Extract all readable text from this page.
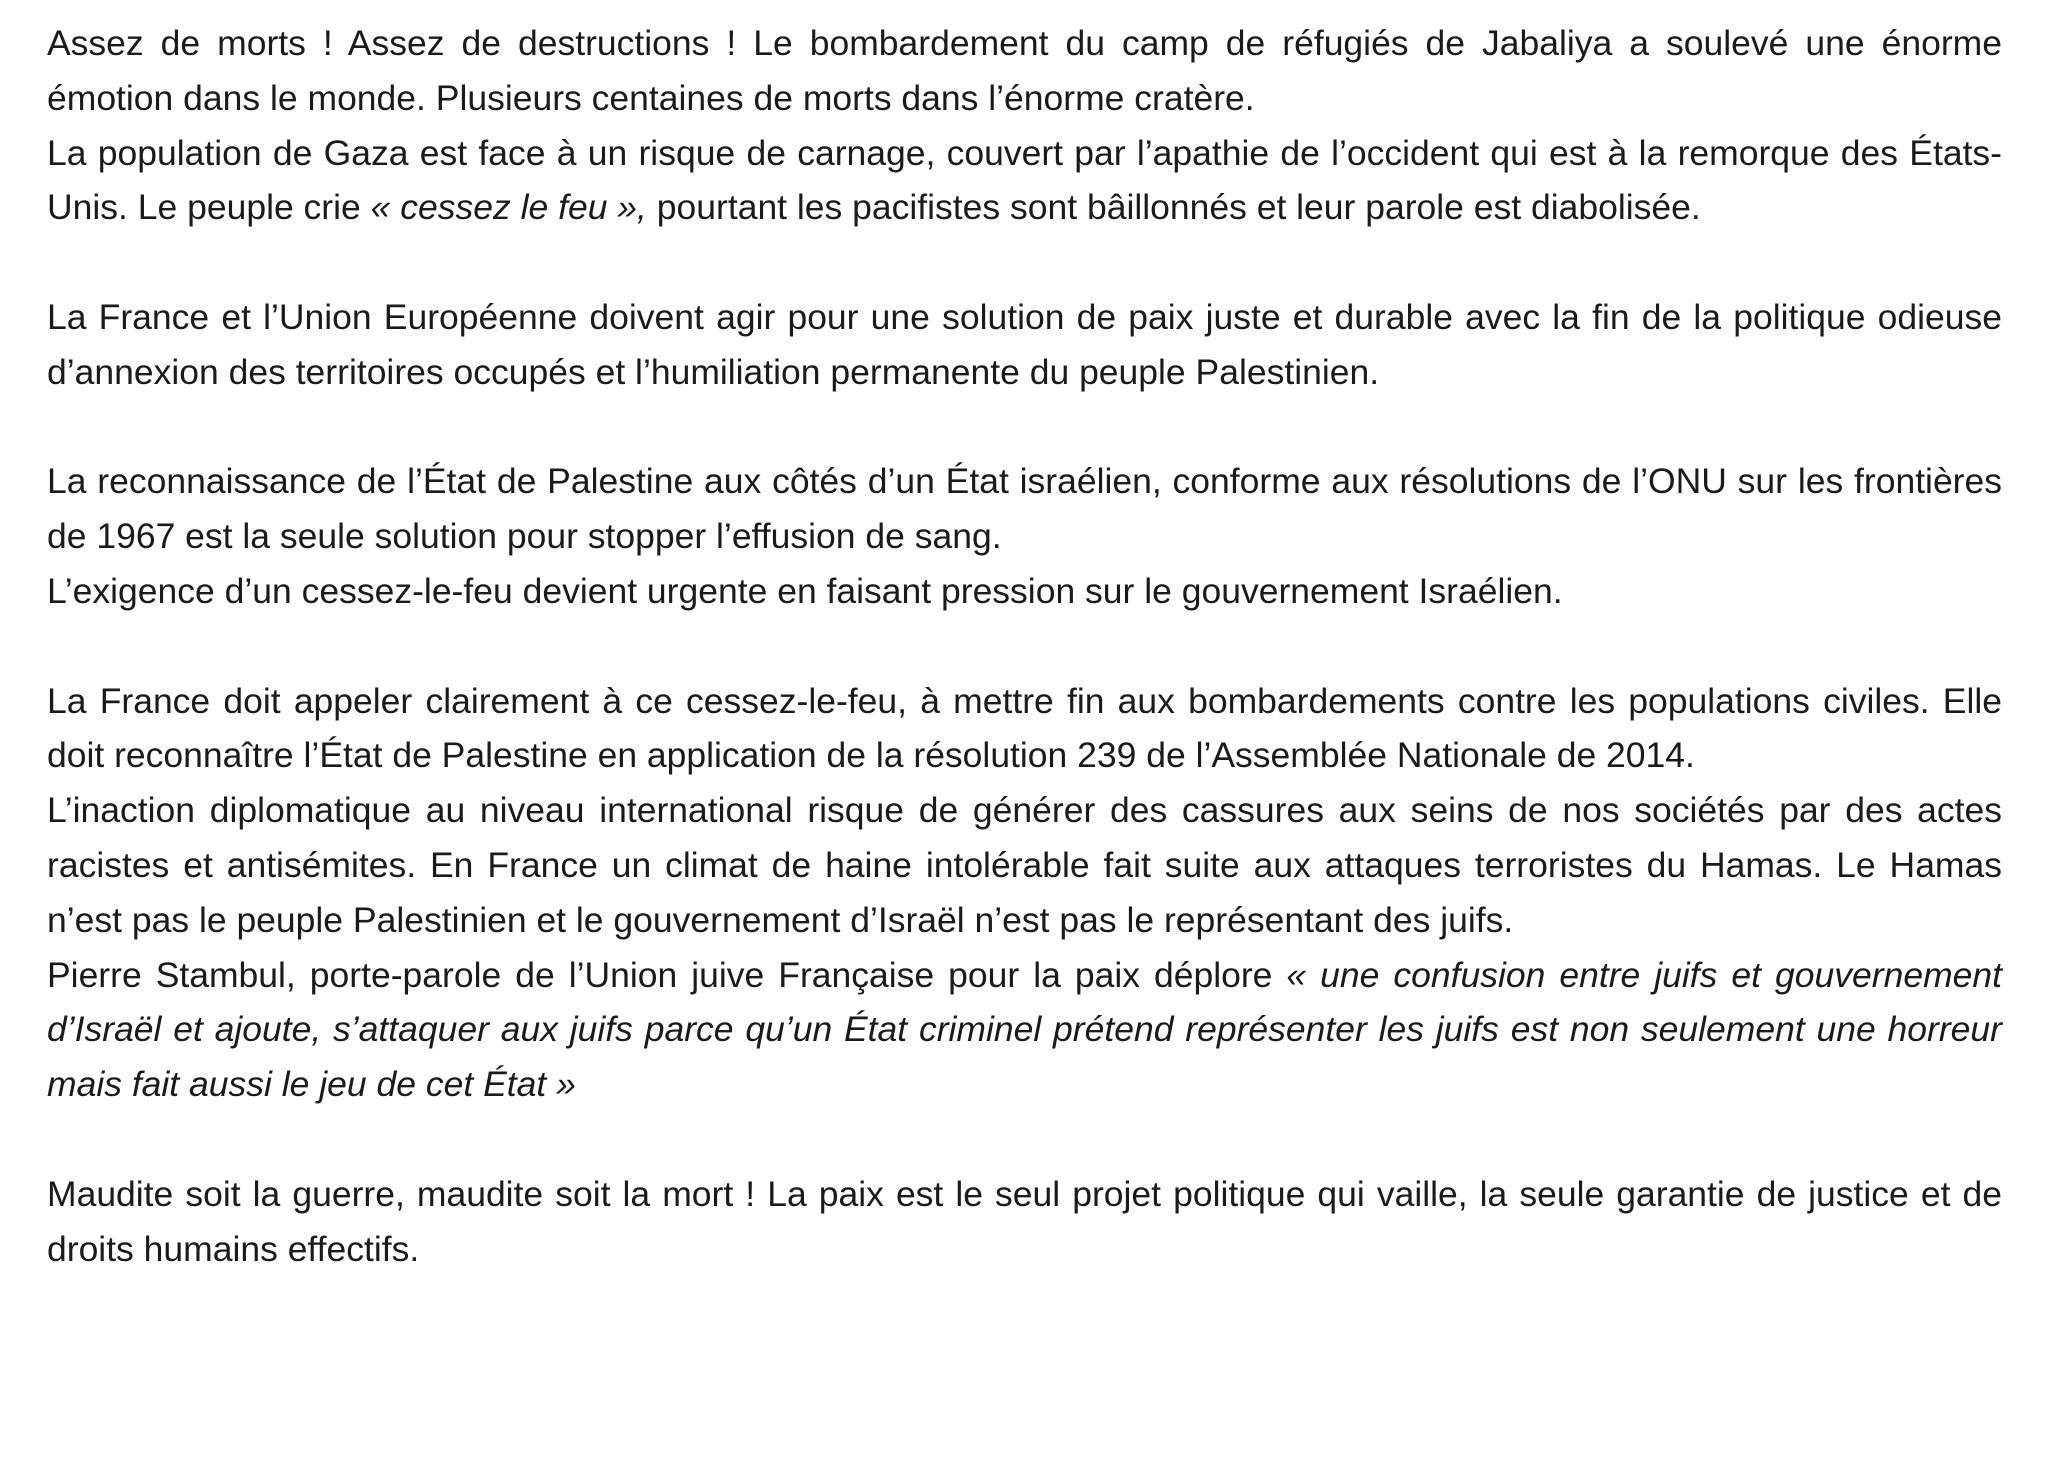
Assez de morts ! Assez de destructions ! Le bombardement du camp de réfugiés de Jabaliya a soulevé une énorme émotion dans le monde. Plusieurs centaines de morts dans l’énorme cratère.

La population de Gaza est face à un risque de carnage, couvert par l’apathie de l’occident qui est à la remorque des États-Unis. Le peuple crie « cessez le feu », pourtant les pacifistes sont bâillonnés et leur parole est diabolisée.

La France et l’Union Européenne doivent agir pour une solution de paix juste et durable avec la fin de la politique odieuse d’annexion des territoires occupés et l’humiliation permanente du peuple Palestinien.

La reconnaissance de l’État de Palestine aux côtés d’un État israélien, conforme aux résolutions de l’ONU sur les frontières de 1967 est la seule solution pour stopper l’effusion de sang.

L’exigence d’un cessez-le-feu devient urgente en faisant pression sur le gouvernement Israélien.

La France doit appeler clairement à ce cessez-le-feu, à mettre fin aux bombardements contre les populations civiles. Elle doit reconnaître l’État de Palestine en application de la résolution 239 de l’Assemblée Nationale de 2014.

L’inaction diplomatique au niveau international risque de générer des cassures aux seins de nos sociétés par des actes racistes et antisémites. En France un climat de haine intolérable fait suite aux attaques terroristes du Hamas. Le Hamas n’est pas le peuple Palestinien et le gouvernement d’Israël n’est pas le représentant des juifs.

Pierre Stambul, porte-parole de l’Union juive Française pour la paix déplore « une confusion entre juifs et gouvernement d’Israël et ajoute, s’attaquer aux juifs parce qu’un État criminel prétend représenter les juifs est non seulement une horreur mais fait aussi le jeu de cet État »

Maudite soit la guerre, maudite soit la mort ! La paix est le seul projet politique qui vaille, la seule garantie de justice et de droits humains effectifs.
